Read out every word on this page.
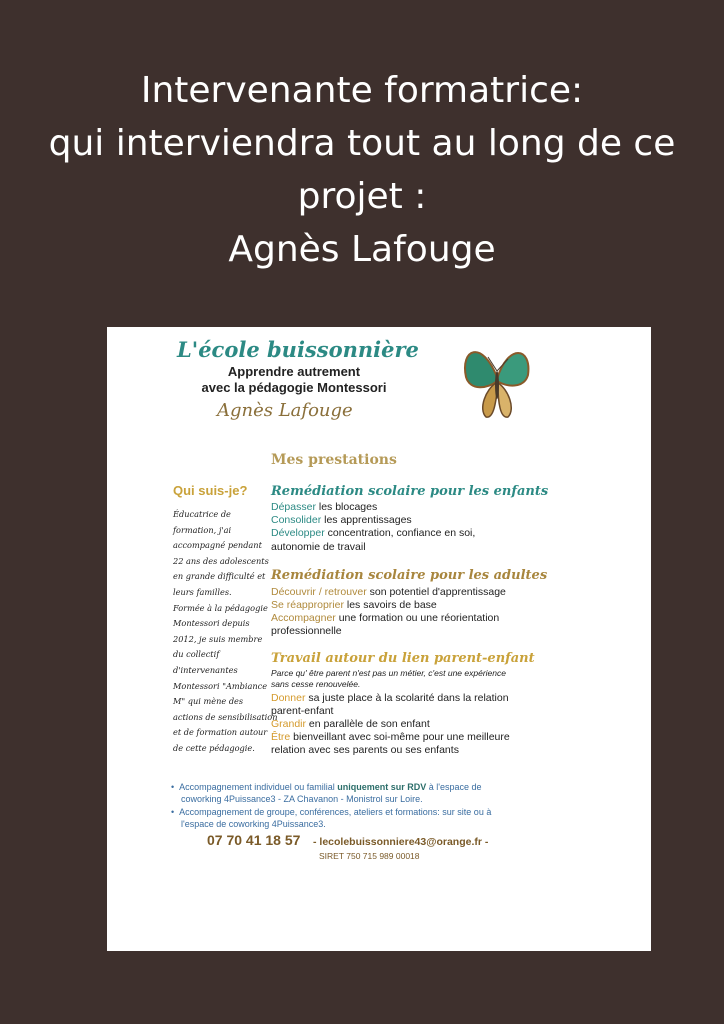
Intervenante formatrice:
qui interviendra tout au long de ce
projet :
Agnès Lafouge
L'école buissonnière
Apprendre autrement
avec la pédagogie Montessori
Agnès Lafouge
Mes prestations
Qui suis-je?
Éducatrice de
formation, j'ai
accompagné pendant
22 ans des adolescents
en grande difficulté et
leurs familles.
Formée à la pédagogie
Montessori depuis
2012, je suis membre
du collectif
d'intervenantes
Montessori "Ambiance
M" qui mène des
actions de sensibilisation
et de formation autour
de cette pédagogie.
Remédiation scolaire pour les enfants
Dépasser les blocages
Consolider les apprentissages
Développer concentration, confiance en soi,
autonomie de travail
Remédiation scolaire pour les adultes
Découvrir / retrouver son potentiel d'apprentissage
Se réapproprier les savoirs de base
Accompagner une formation ou une réorientation
professionnelle
Travail autour du lien parent-enfant
Parce qu' être parent n'est pas un métier, c'est une expérience
sans cesse renouvelée.
Donner sa juste place à la scolarité dans la relation
parent-enfant
Grandir en parallèle de son enfant
Être bienveillant avec soi-même pour une meilleure
relation avec ses parents ou ses enfants
•  Accompagnement individuel ou familial uniquement sur RDV à l'espace de
coworking 4Puissance3 - ZA Chavanon - Monistrol sur Loire.
•  Accompagnement de groupe, conférences, ateliers et formations: sur site ou à
l'espace de coworking 4Puissance3.
07 70 41 18 57 - lecolebuissonniere43@orange.fr -
SIRET 750 715 989 00018
